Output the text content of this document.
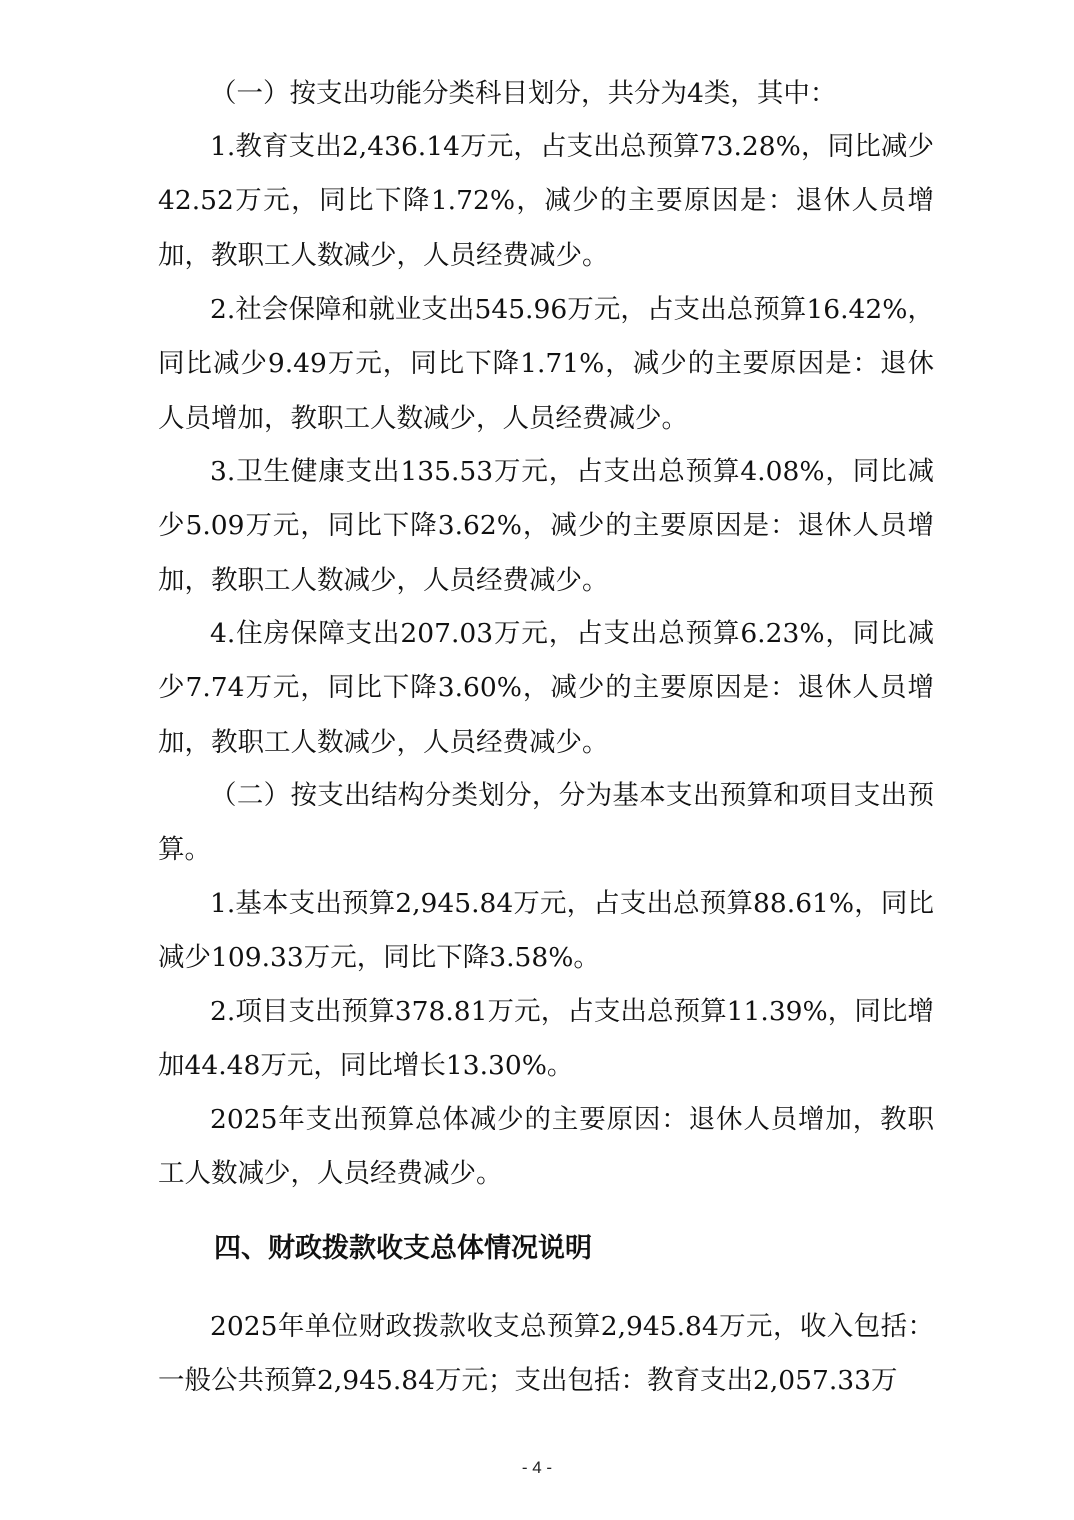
（一）按支出功能分类科目划分，共分为4类，其中：

1.教育支出2,436.14万元，占支出总预算73.28%，同比减少42.52万元，同比下降1.72%，减少的主要原因是：退休人员增加，教职工人数减少，人员经费减少。

2.社会保障和就业支出545.96万元，占支出总预算16.42%，同比减少9.49万元，同比下降1.71%，减少的主要原因是：退休人员增加，教职工人数减少，人员经费减少。

3.卫生健康支出135.53万元，占支出总预算4.08%，同比减少5.09万元，同比下降3.62%，减少的主要原因是：退休人员增加，教职工人数减少，人员经费减少。

4.住房保障支出207.03万元，占支出总预算6.23%，同比减少7.74万元，同比下降3.60%，减少的主要原因是：退休人员增加，教职工人数减少，人员经费减少。

（二）按支出结构分类划分，分为基本支出预算和项目支出预算。

1.基本支出预算2,945.84万元，占支出总预算88.61%，同比减少109.33万元，同比下降3.58%。

2.项目支出预算378.81万元，占支出总预算11.39%，同比增加44.48万元，同比增长13.30%。

2025年支出预算总体减少的主要原因：退休人员增加，教职工人数减少，人员经费减少。

四、财政拨款收支总体情况说明

2025年单位财政拨款收支总预算2,945.84万元，收入包括：一般公共预算2,945.84万元；支出包括：教育支出2,057.33万

- 4 -
